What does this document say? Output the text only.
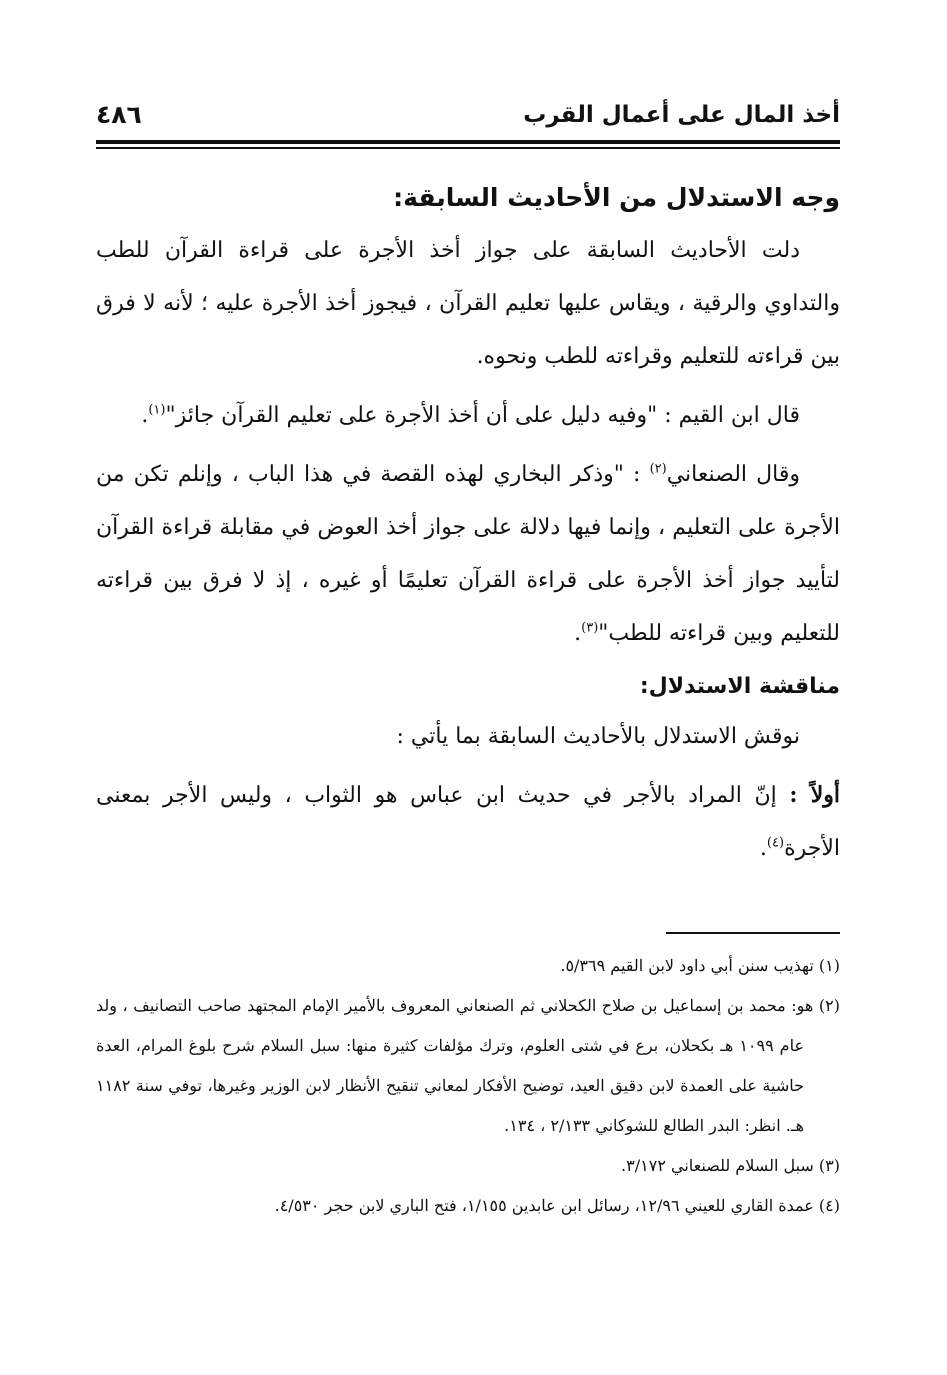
أخذ المال على أعمال القرب
٤٨٦
وجه الاستدلال من الأحاديث السابقة:

دلت الأحاديث السابقة على جواز أخذ الأجرة على قراءة القرآن للطب والتداوي والرقية ، ويقاس عليها تعليم القرآن ، فيجوز أخذ الأجرة عليه ؛ لأنه لا فرق بين قراءته للتعليم وقراءته للطب ونحوه.

قال ابن القيم : "وفيه دليل على أن أخذ الأجرة على تعليم القرآن جائز"$^{(١)}$.

وقال الصنعاني$^{(٢)}$ : "وذكر البخاري لهذه القصة في هذا الباب ، وإنلم تكن من الأجرة على التعليم ، وإنما فيها دلالة على جواز أخذ العوض في مقابلة قراءة القرآن لتأييد جواز أخذ الأجرة على قراءة القرآن تعليمًا أو غيره ، إذ لا فرق بين قراءته للتعليم وبين قراءته للطب"$^{(٣)}$.

مناقشة الاستدلال:

نوقش الاستدلال بالأحاديث السابقة بما يأتي :

أولاً : إنّ المراد بالأجر في حديث ابن عباس هو الثواب ، وليس الأجر بمعنى الأجرة$^{(٤)}$.

(١) تهذيب سنن أبي داود لابن القيم ٥/٣٦٩.

(٢) هو: محمد بن إسماعيل بن صلاح الكحلاني ثم الصنعاني المعروف بالأمير الإمام المجتهد صاحب التصانيف ، ولد عام ١٠٩٩ هـ بكحلان، برع في شتى العلوم، وترك مؤلفات كثيرة منها: سبل السلام شرح بلوغ المرام، العدة حاشية على العمدة لابن دقيق العيد، توضيح الأفكار لمعاني تنقيح الأنظار لابن الوزير وغيرها، توفي سنة ١١٨٢ هـ. انظر: البدر الطالع للشوكاني ٢/١٣٣ ، ١٣٤.

(٣) سبل السلام للصنعاني ٣/١٧٢.

(٤) عمدة القاري للعيني ١٢/٩٦، رسائل ابن عابدين ١/١٥٥، فتح الباري لابن حجر ٤/٥٣٠.
